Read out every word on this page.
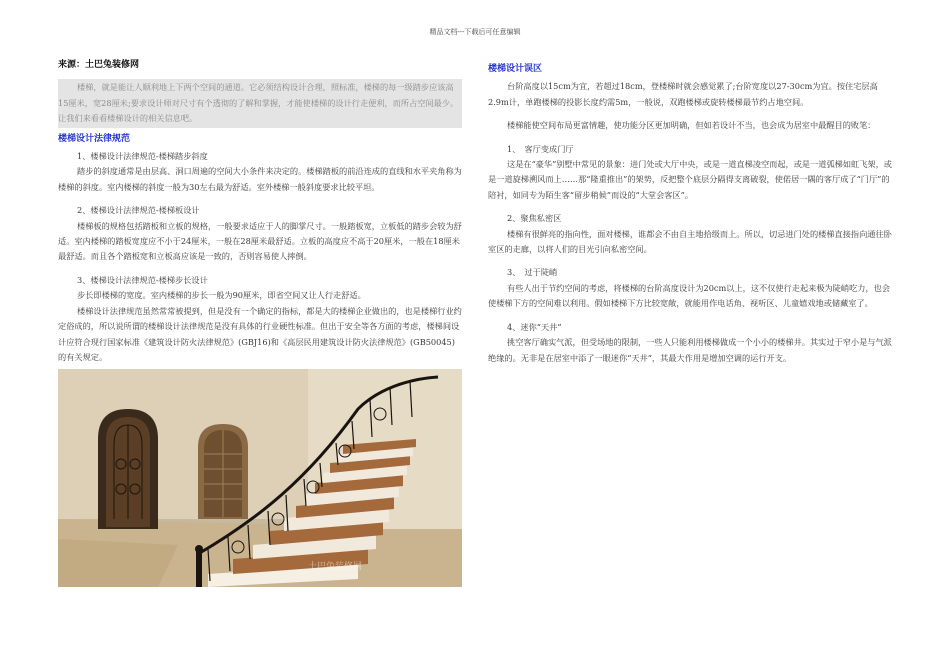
精品文档---下载后可任意编辑
来源：土巴兔装修网

楼梯，就是能让人顺利地上下两个空间的通道。它必须结构设计合理，照标准，楼梯的每一级踏步应该高15厘米，宽28厘米;要求设计师对尺寸有个透彻的了解和掌握，才能使楼梯的设计行走便利，而所占空间最少。让我们来看看楼梯设计的相关信息吧。

楼梯设计法律规范

1、楼梯设计法律规范-楼梯踏步斜度

踏步的斜度通常是由层高、洞口周遍的空间大小条件来决定的。楼梯踏板的前沿连成的直线和水平夹角称为楼梯的斜度。室内楼梯的斜度一般为30左右最为舒适。室外楼梯一般斜度要求比较平坦。

2、楼梯设计法律规范-楼梯板设计

楼梯板的规格包括踏板和立板的规格，一般要求适应于人的脚掌尺寸。一般踏板宽，立板低的踏步会较为舒适。室内楼梯的踏板宽度应不小于24厘米，一般在28厘米最舒适。立板的高度应不高于20厘米，一般在18厘米最舒适。而且各个踏板宽和立板高应该是一致的，否则容易使人摔倒。

3、楼梯设计法律规范-楼梯步长设计

步长即楼梯的宽度。室内楼梯的步长一般为90厘米，即省空间又让人行走舒适。

楼梯设计法律规范虽然常常被提到，但是没有一个确定的指标，都是大的楼梯企业做出的，也是楼梯行业约定俗成的，所以说所谓的楼梯设计法律规范是没有具体的行业硬性标准。但出于安全等各方面的考虑，楼梯间设计应符合现行国家标准《建筑设计防火法律规范》(GBJ16)和《高层民用建筑设计防火法律规范》(GB50045)的有关规定。

土巴兔装修网
楼梯设计误区

台阶高度以15cm为宜，若超过18cm，登楼梯时就会感觉累了;台阶宽度以27-30cm为宜。按住宅层高2.9m计，单跑楼梯的投影长度约需5m，一般说，双跑楼梯或旋转楼梯最节约占地空间。

楼梯能使空间布局更富情趣，使功能分区更加明确，但如若设计不当，也会成为居室中最醒目的败笔：

1、　客厅变成门厅

这是在“豪华”别墅中常见的景象：进门处或大厅中央，或是一道直梯凌空而起，或是一道弧梯如虹飞架，或是一道旋梯溯风而上……那“隆重推出”的架势，反把整个底层分隔得支离破裂，使偌居一隅的客厅成了“门厅”的陪衬，如同专为陌生客“留步稍候”而设的“大堂会客区”。

2、聚焦私密区

楼梯有很鲜亮的指向性，面对楼梯，谁都会不由自主地拾级而上。所以，切忌进门处的楼梯直接指向通往卧室区的走廊，以将人们的目光引向私密空间。

3、　过于陡峭

有些人出于节约空间的考虑，将楼梯的台阶高度设计为20cm以上，这不仅使行走起来极为陡峭吃力，也会使楼梯下方的空间难以利用。假如楼梯下方比较宽敞，就能用作电话角、视听区、儿童嬉戏地或储藏室了。

4、迷你“天井”

挑空客厅确实气派，但受场地的限制，一些人只能利用楼梯做成一个小小的楼梯井。其实过于窄小是与气派绝缘的。无非是在居室中添了一眼迷你“天井”，其最大作用是增加空调的运行开支。
